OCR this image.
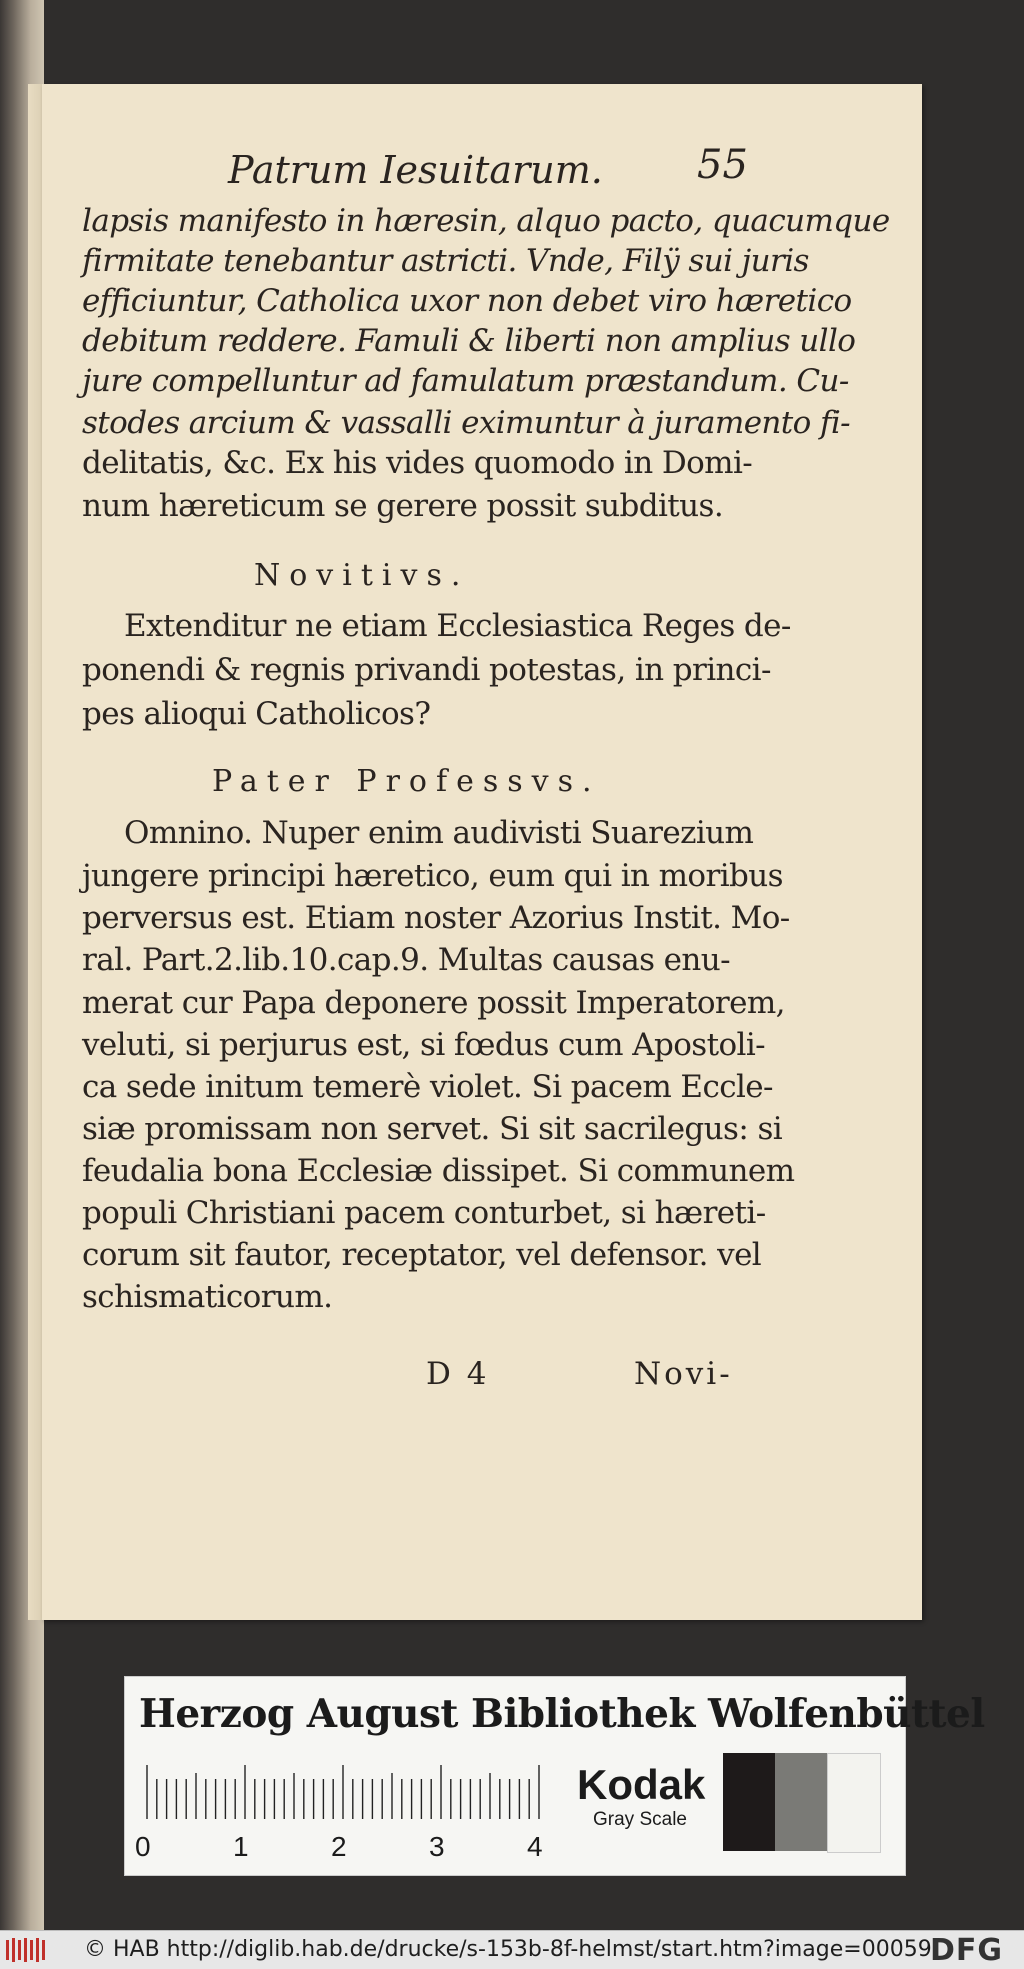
Patrum Iesuitarum. 55
lapsis manifesto in hæresin, alquo pacto, quacumque
firmitate tenebantur astricti. Vnde, Filÿ sui juris
efficiuntur, Catholica uxor non debet viro hæretico
debitum reddere. Famuli & liberti non amplius ullo
jure compelluntur ad famulatum præstandum. Cu-
stodes arcium & vassalli eximuntur à juramento fi-
delitatis, &c. Ex his vides quomodo in Domi-
num hæreticum se gerere possit subditus.
Novitivs.
Extenditur ne etiam Ecclesiastica Reges de-
ponendi & regnis privandi potestas, in princi-
pes alioqui Catholicos?
Pater Professvs.
Omnino. Nuper enim audivisti Suarezium
jungere principi hæretico, eum qui in moribus
perversus est. Etiam noster Azorius Instit. Mo-
ral. Part.2.lib.10.cap.9. Multas causas enu-
merat cur Papa deponere possit Imperatorem,
veluti, si perjurus est, si fœdus cum Apostoli-
ca sede initum temerè violet. Si pacem Eccle-
siæ promissam non servet. Si sit sacrilegus: si
feudalia bona Ecclesiæ dissipet. Si communem
populi Christiani pacem conturbet, si hæreti-
corum sit fautor, receptator, vel defensor. vel
schismaticorum.
D 4	Novi-
Herzog August Bibliothek Wolfenbüttel
0	1	2	3	4
Kodak
Gray Scale
© HAB http://diglib.hab.de/drucke/s-153b-8f-helmst/start.htm?image=00059
DFG
